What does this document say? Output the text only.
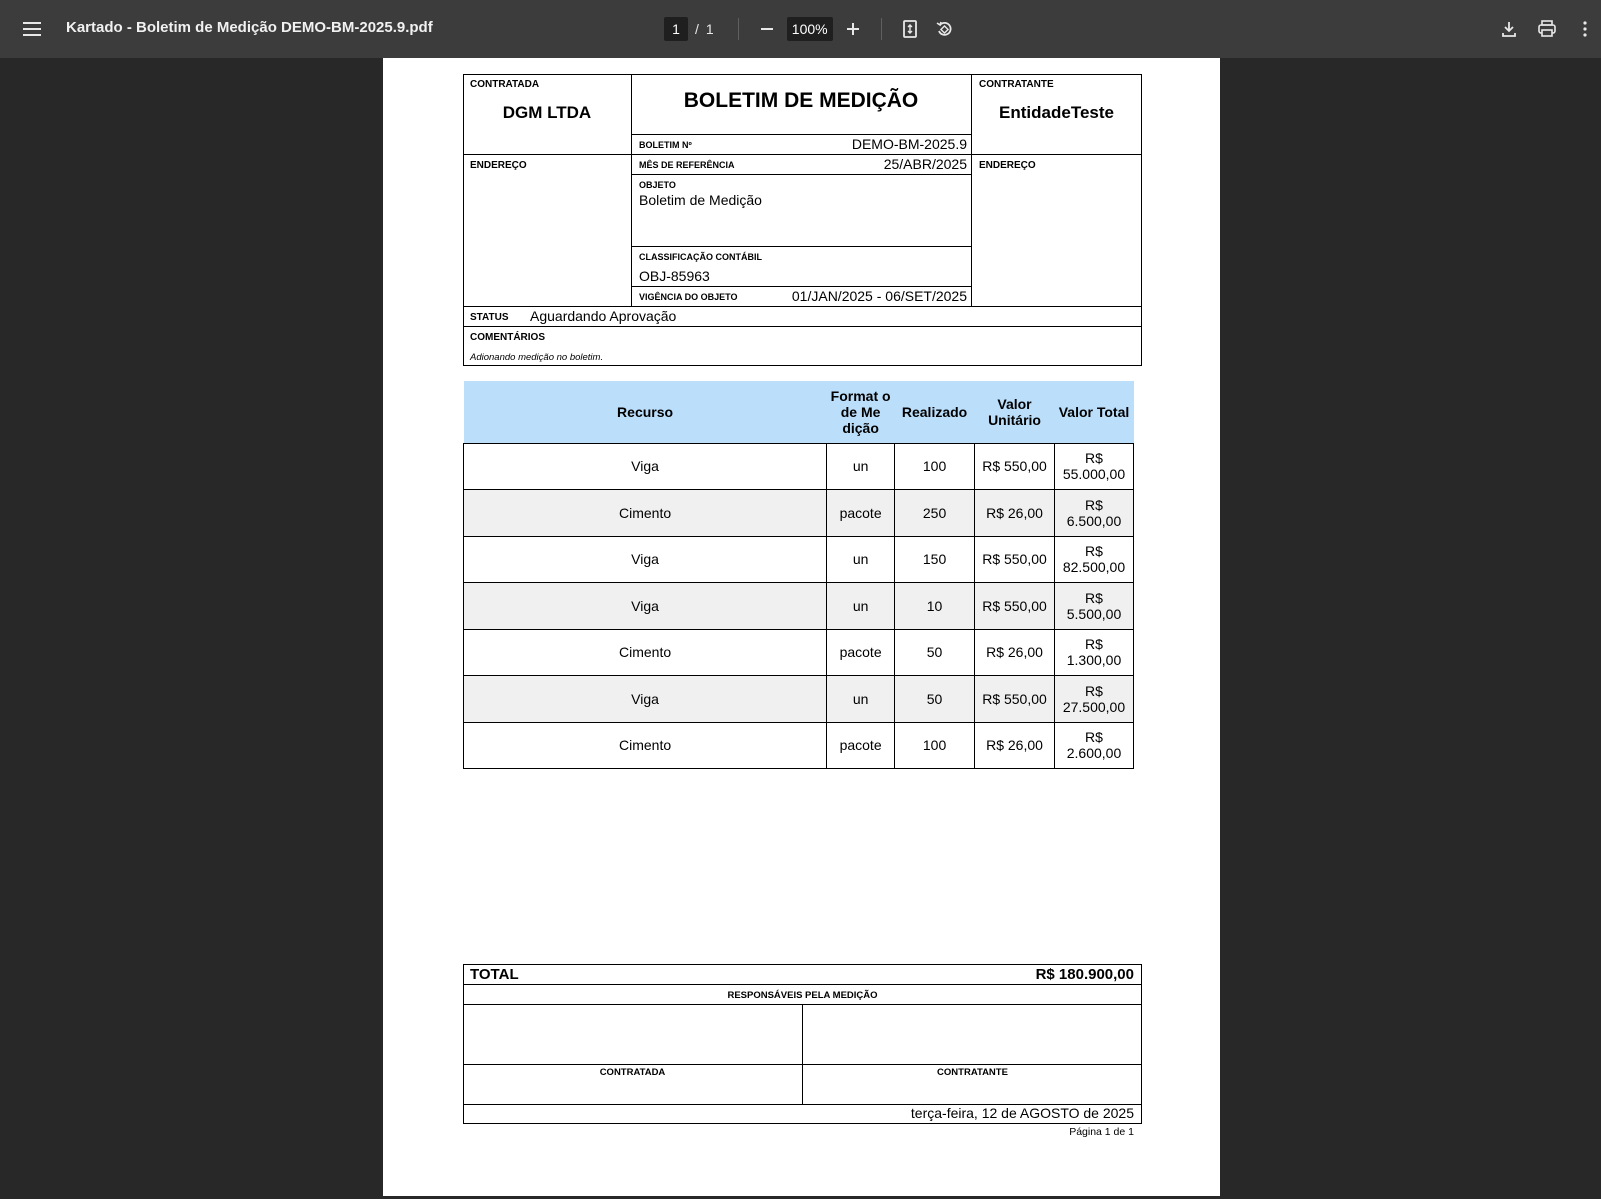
Kartado - Boletim de Medição DEMO-BM-2025.9.pdf	1	/ 1	100%
CONTRATADA
DGM LTDA
BOLETIM DE MEDIÇÃO
CONTRATANTE
EntidadeTeste
BOLETIM Nº	DEMO-BM-2025.9
ENDEREÇO	ENDEREÇO
MÊS DE REFERÊNCIA	25/ABR/2025
OBJETO
Boletim de Medição
CLASSIFICAÇÃO CONTÁBIL
OBJ-85963
VIGÊNCIA DO OBJETO	01/JAN/2025 - 06/SET/2025
STATUS Aguardando Aprovação
COMENTÁRIOS
Adionando medição no boletim.
Recurso	Format o de Me dição	Realizado	Valor Unitário	Valor Total
Viga	un	100	R$ 550,00	R$ 55.000,00
Cimento	pacote	250	R$ 26,00	R$ 6.500,00
Viga	un	150	R$ 550,00	R$ 82.500,00
Viga	un	10	R$ 550,00	R$ 5.500,00
Cimento	pacote	50	R$ 26,00	R$ 1.300,00
Viga	un	50	R$ 550,00	R$ 27.500,00
Cimento	pacote	100	R$ 26,00	R$ 2.600,00
TOTAL	R$ 180.900,00
RESPONSÁVEIS PELA MEDIÇÃO
CONTRATADA	CONTRATANTE
terça-feira, 12 de AGOSTO de 2025
Página 1 de 1
